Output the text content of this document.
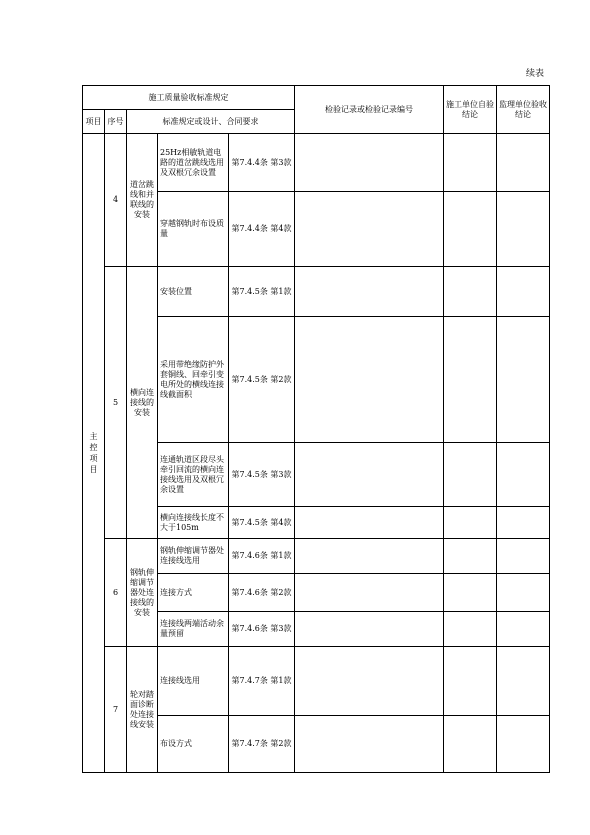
续表
施工质量验收标准规定					检验记录或检验记录编号	施工单位自验结论	监理单位验收结论
项目	序号	标准规定或设计、合同要求					

主控项目	4	道岔跳线和并联线的安装	25Hz相敏轨道电路的道岔跳线选用及双根冗余设置	第7.4.4条 第3款			
			穿越钢轨时布设质量	第7.4.4条 第4款			
	5	横向连接线的安装	安装位置	第7.4.5条 第1款			
			采用带绝缘防护外套铜线、回牵引变电所处的横线连接线截面积	第7.4.5条 第2款			
			连通轨道区段尽头牵引回流的横向连接线选用及双根冗余设置	第7.4.5条 第3款			
			横向连接线长度不大于105m	第7.4.5条 第4款			
	6	钢轨伸缩调节器处连接线的安装	钢轨伸缩调节器处连接线选用	第7.4.6条 第1款			
			连接方式	第7.4.6条 第2款			
			连接线两端活动余量预留	第7.4.6条 第3款			
	7	轮对踏面诊断处连接线安装	连接线选用	第7.4.7条 第1款			
			布设方式	第7.4.7条 第2款			
